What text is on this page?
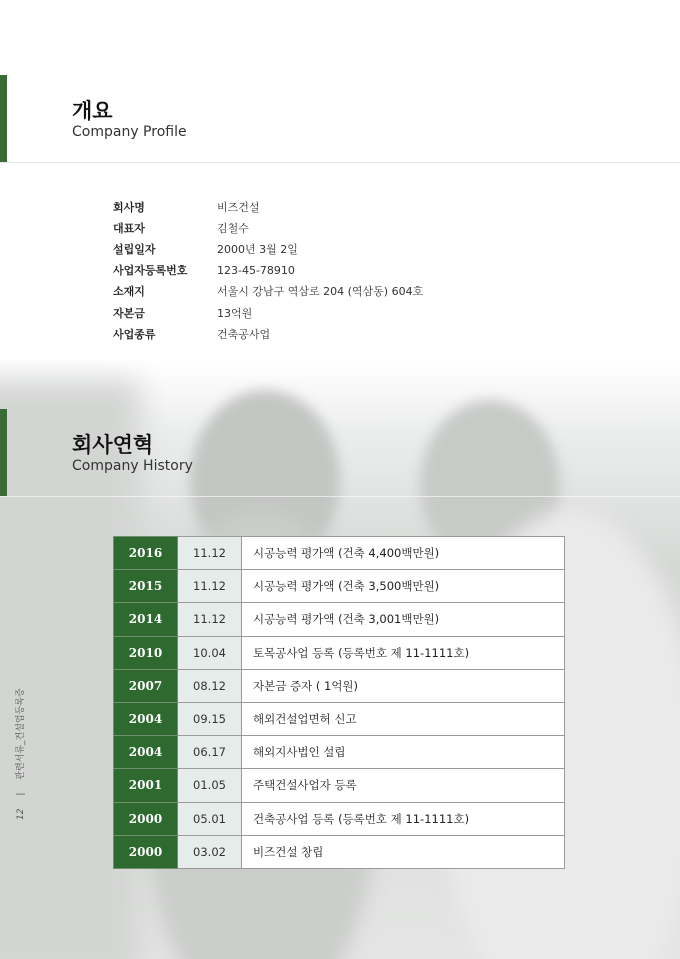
개요
Company Profile
회사명	비즈건설
대표자	김철수
설립일자	2000년 3월 2일
사업자등록번호	123-45-78910
소재지	서울시 강남구 역삼로 204 (역삼동) 604호
자본금	13억원
사업종류	건축공사업
회사연혁
Company History
2016	11.12	시공능력 평가액 (건축 4,400백만원)
2015	11.12	시공능력 평가액 (건축 3,500백만원)
2014	11.12	시공능력 평가액 (건축 3,001백만원)
2010	10.04	토목공사업 등록 (등록번호 제 11-1111호)
2007	08.12	자본금 증자 ( 1억원)
2004	09.15	해외건설업면허 신고
2004	06.17	해외지사법인 설립
2001	01.05	주택건설사업자 등록
2000	05.01	건축공사업 등록 (등록번호 제 11-1111호)
2000	03.02	비즈건설 창립
12 | 관련서류_건설업등록증
